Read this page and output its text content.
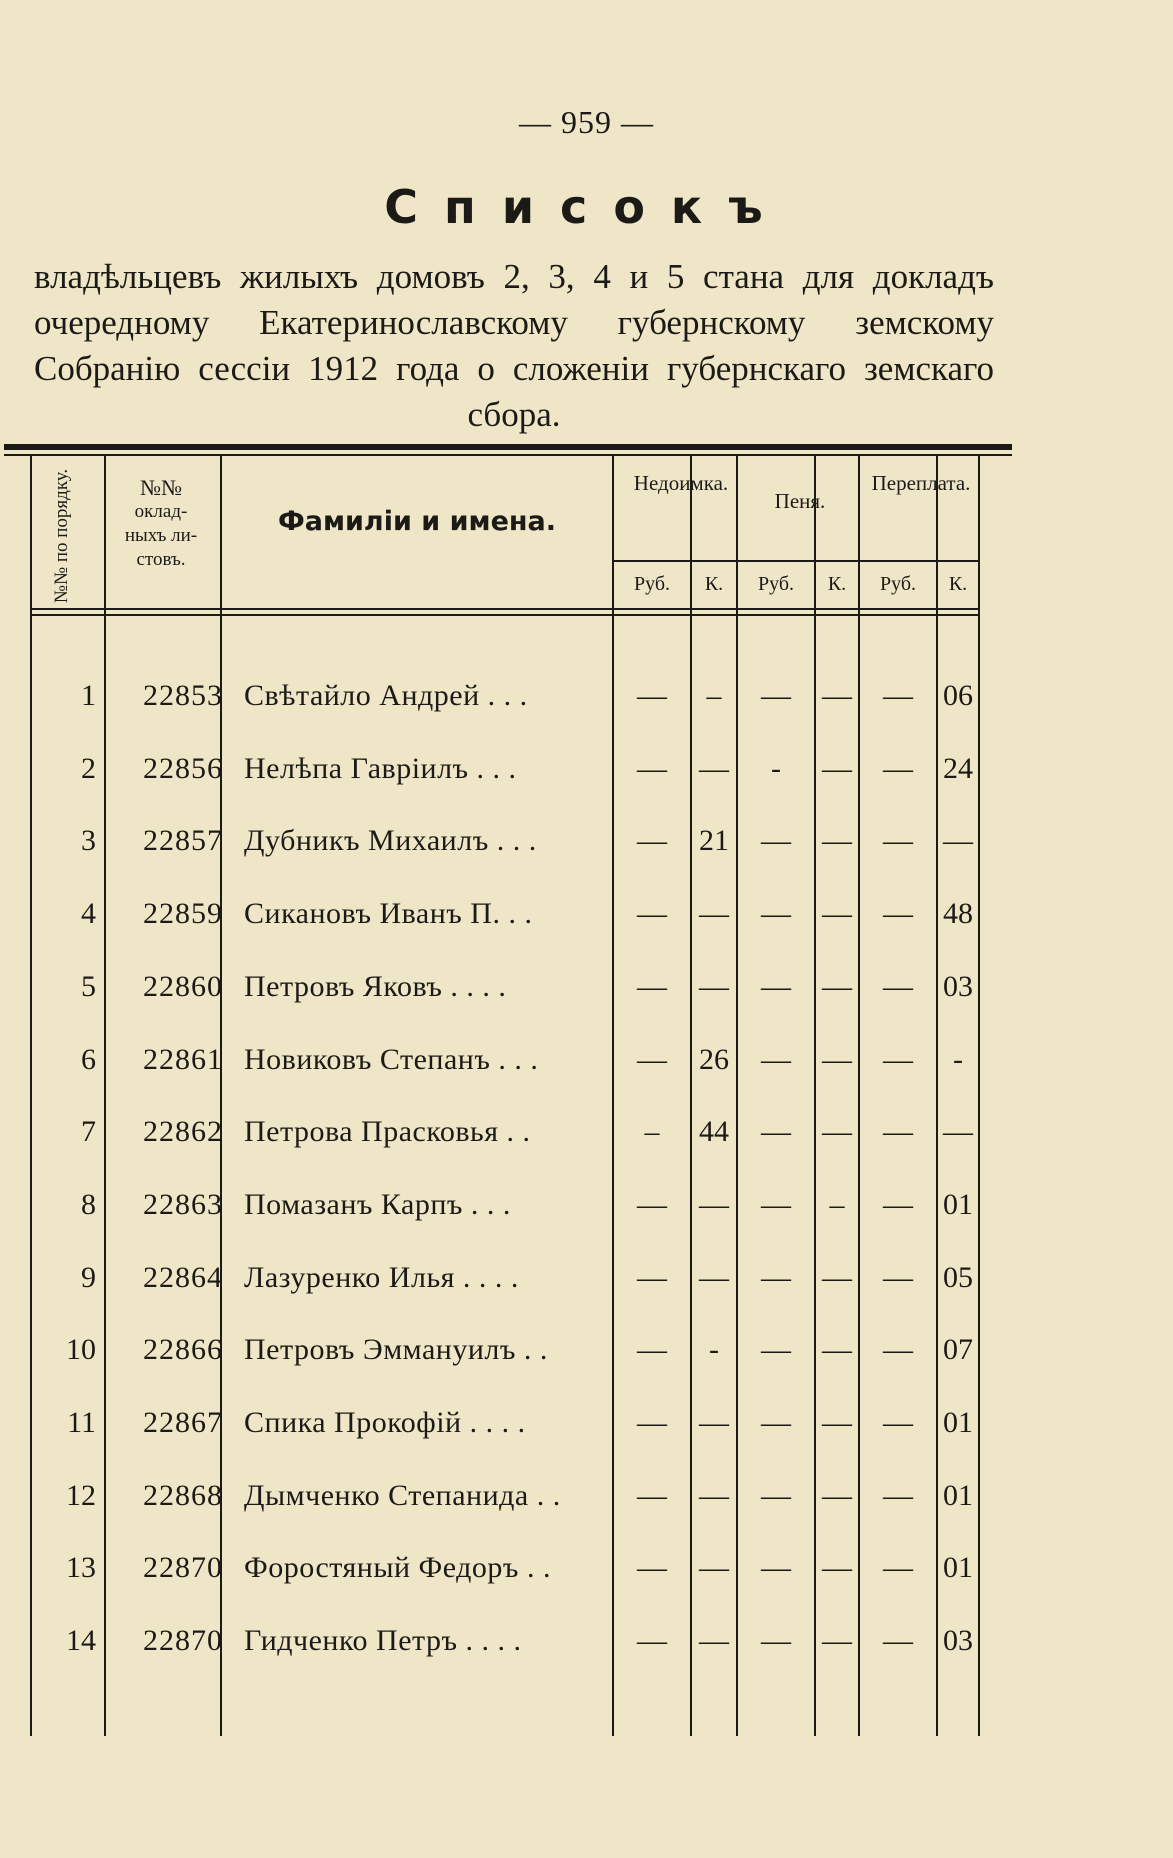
— 959 —
Списокъ
владѣльцевъ жилыхъ домовъ 2, 3, 4 и 5 стана для докладъ очередному Екатеринославскому губернскому земскому Собранію сессіи 1912 года о сложеніи губернскаго земскаго сбора.
№№ по порядку.	№№
оклад-
ныхъ ли-
стовъ.
Фамиліи и имена.
Недоимка.
Пеня.
Переплата.
Руб.	К.	Руб.	К.	Руб.	К.
1	22853 Свѣтайло Андрей . . .	—	–	—	—	—	06
2	22856 Нелѣпа Гавріилъ . . .	—	—	-	—	—	24
3	22857 Дубникъ Михаилъ . . .	—	21	—	—	—	—
4	22859 Сикановъ Иванъ П. . .	—	—	—	—	—	48
5	22860 Петровъ Яковъ . . . .	—	—	—	—	—	03
6	22861 Новиковъ Степанъ . . .	—	26	—	—	—	-
7	22862 Петрова Прасковья . .	–	44	—	—	—	—
8	22863 Помазанъ Карпъ . . .	—	—	—	–	—	01
9	22864 Лазуренко Илья . . . .	—	—	—	—	—	05
10	22866 Петровъ Эммануилъ . .	—	-	—	—	—	07
11	22867 Спика Прокофій . . . .	—	—	—	—	—	01
12	22868 Дымченко Степанида . .	—	—	—	—	—	01
13	22870 Форостяный Федоръ . .	—	—	—	—	—	01
14	22870 Гидченко Петръ . . . .	—	—	—	—	—	03
